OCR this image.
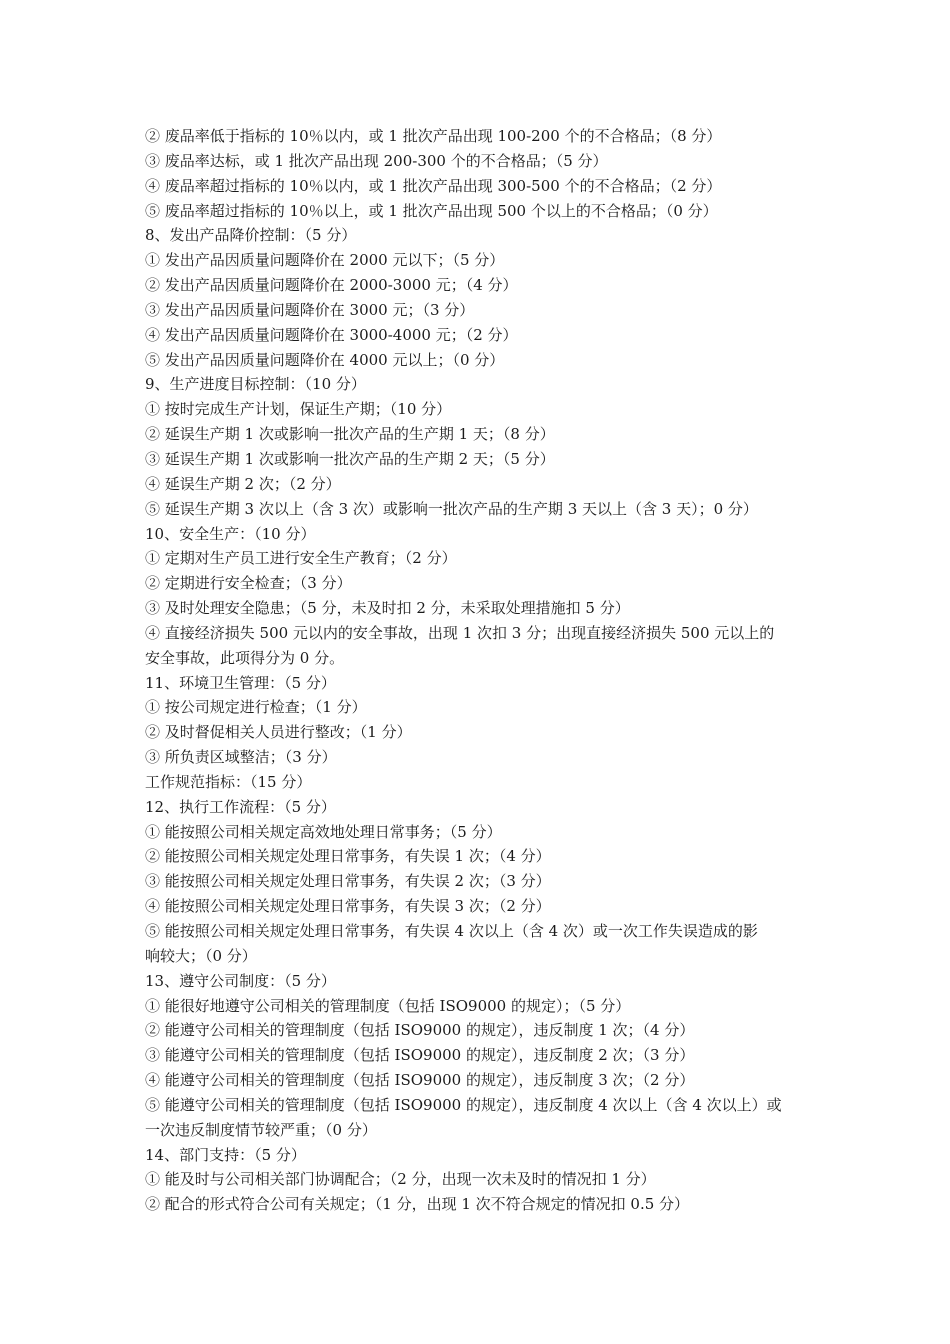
② 废品率低于指标的 10％以内，或 1 批次产品出现 100-200 个的不合格品；（8 分）

③ 废品率达标，或 1 批次产品出现 200-300 个的不合格品；（5 分）

④ 废品率超过指标的 10％以内，或 1 批次产品出现 300-500 个的不合格品；（2 分）

⑤ 废品率超过指标的 10％以上，或 1 批次产品出现 500 个以上的不合格品；（0 分）

8、发出产品降价控制：（5 分）

① 发出产品因质量问题降价在 2000 元以下；（5 分）

② 发出产品因质量问题降价在 2000-3000 元；（4 分）

③ 发出产品因质量问题降价在 3000 元；（3 分）

④ 发出产品因质量问题降价在 3000-4000 元；（2 分）

⑤ 发出产品因质量问题降价在 4000 元以上；（0 分）

9、生产进度目标控制：（10 分）

① 按时完成生产计划，保证生产期；（10 分）

② 延误生产期 1 次或影响一批次产品的生产期 1 天；（8 分）

③ 延误生产期 1 次或影响一批次产品的生产期 2 天；（5 分）

④ 延误生产期 2 次；（2 分）

⑤ 延误生产期 3 次以上（含 3 次）或影响一批次产品的生产期 3 天以上（含 3 天）；0 分）

10、安全生产：（10 分）

① 定期对生产员工进行安全生产教育；（2 分）

② 定期进行安全检查；（3 分）

③ 及时处理安全隐患；（5 分，未及时扣 2 分，未采取处理措施扣 5 分）

④ 直接经济损失 500 元以内的安全事故，出现 1 次扣 3 分；出现直接经济损失 500 元以上的

安全事故，此项得分为 0 分。

11、环境卫生管理：（5 分）

① 按公司规定进行检查；（1 分）

② 及时督促相关人员进行整改；（1 分）

③ 所负责区域整洁；（3 分）

工作规范指标：（15 分）

12、执行工作流程：（5 分）

① 能按照公司相关规定高效地处理日常事务；（5 分）

② 能按照公司相关规定处理日常事务，有失误 1 次；（4 分）

③ 能按照公司相关规定处理日常事务，有失误 2 次；（3 分）

④ 能按照公司相关规定处理日常事务，有失误 3 次；（2 分）

⑤ 能按照公司相关规定处理日常事务，有失误 4 次以上（含 4 次）或一次工作失误造成的影

响较大；（0 分）

13、遵守公司制度：（5 分）

① 能很好地遵守公司相关的管理制度（包括 ISO9000 的规定）；（5 分）

② 能遵守公司相关的管理制度（包括 ISO9000 的规定），违反制度 1 次；（4 分）

③ 能遵守公司相关的管理制度（包括 ISO9000 的规定），违反制度 2 次；（3 分）

④ 能遵守公司相关的管理制度（包括 ISO9000 的规定），违反制度 3 次；（2 分）

⑤ 能遵守公司相关的管理制度（包括 ISO9000 的规定），违反制度 4 次以上（含 4 次以上）或

一次违反制度情节较严重；（0 分）

14、部门支持：（5 分）

① 能及时与公司相关部门协调配合；（2 分，出现一次未及时的情况扣 1 分）

② 配合的形式符合公司有关规定；（1 分，出现 1 次不符合规定的情况扣 0.5 分）
